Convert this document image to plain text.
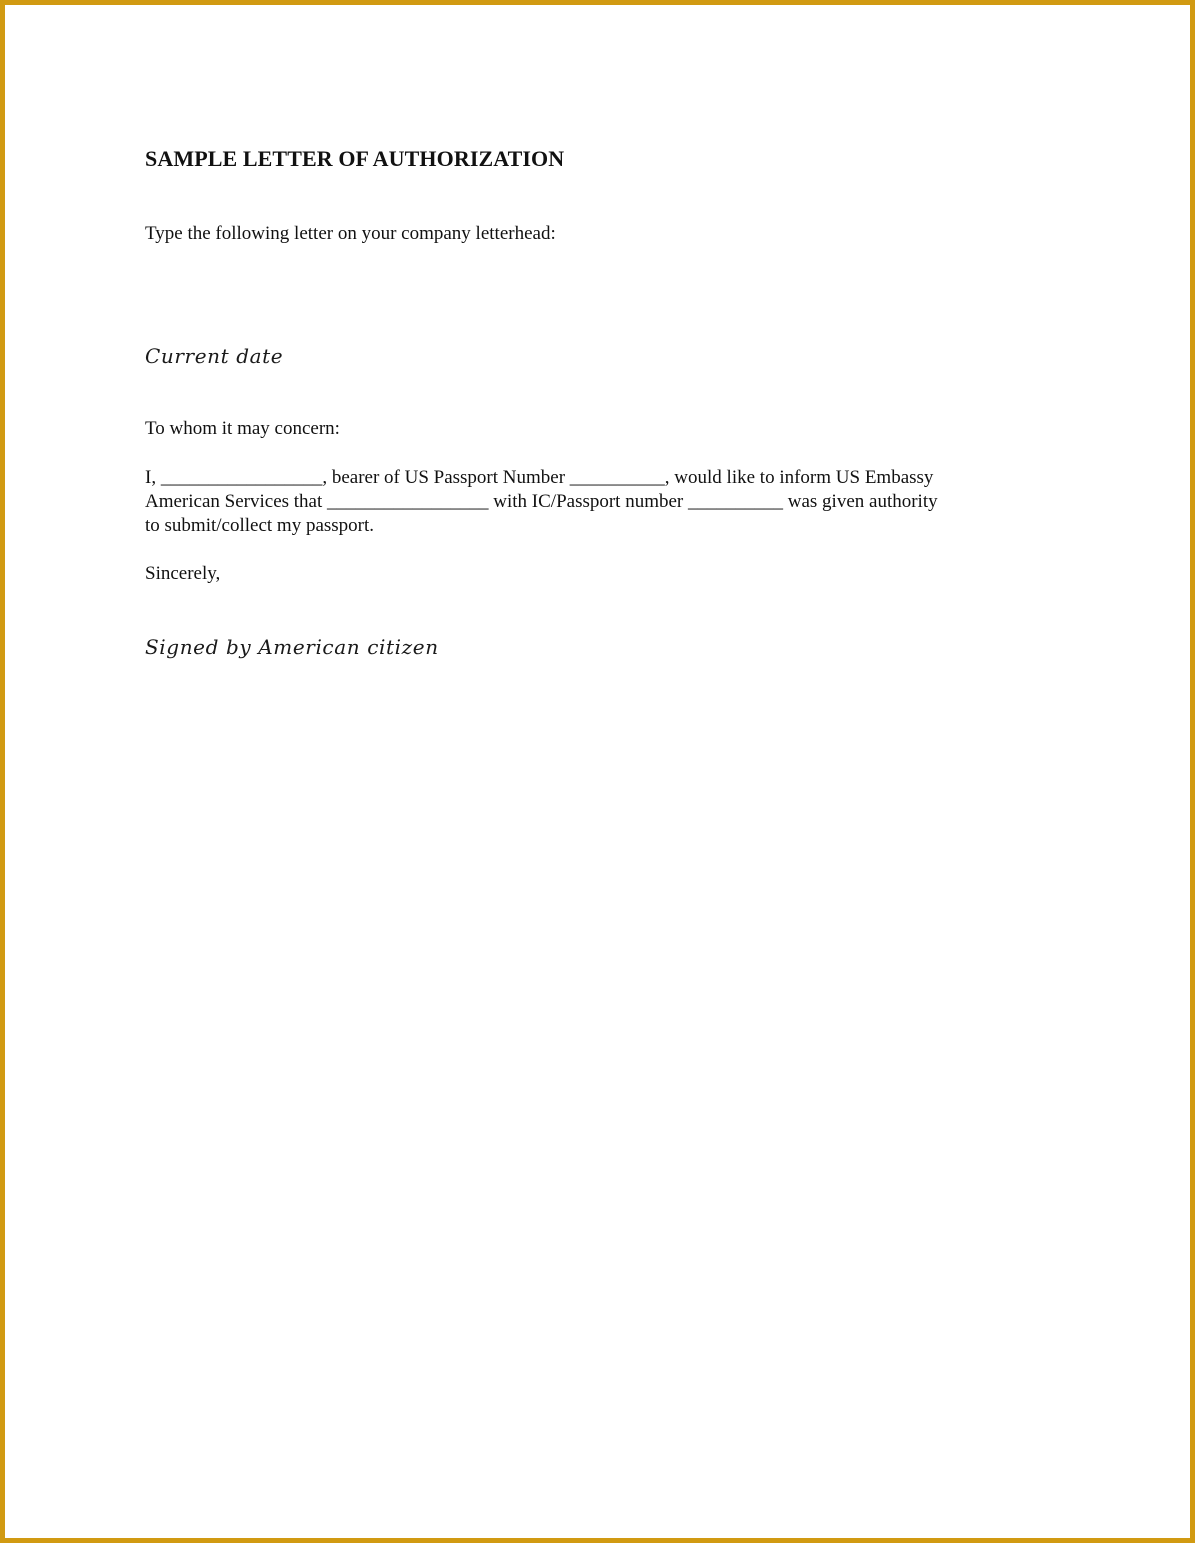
SAMPLE LETTER OF AUTHORIZATION

Type the following letter on your company letterhead:

Current date

To whom it may concern:

I, _________________, bearer of US Passport Number __________, would like to inform US Embassy
American Services that _________________ with IC/Passport number __________ was given authority
to submit/collect my passport.

Sincerely,

Signed by American citizen
